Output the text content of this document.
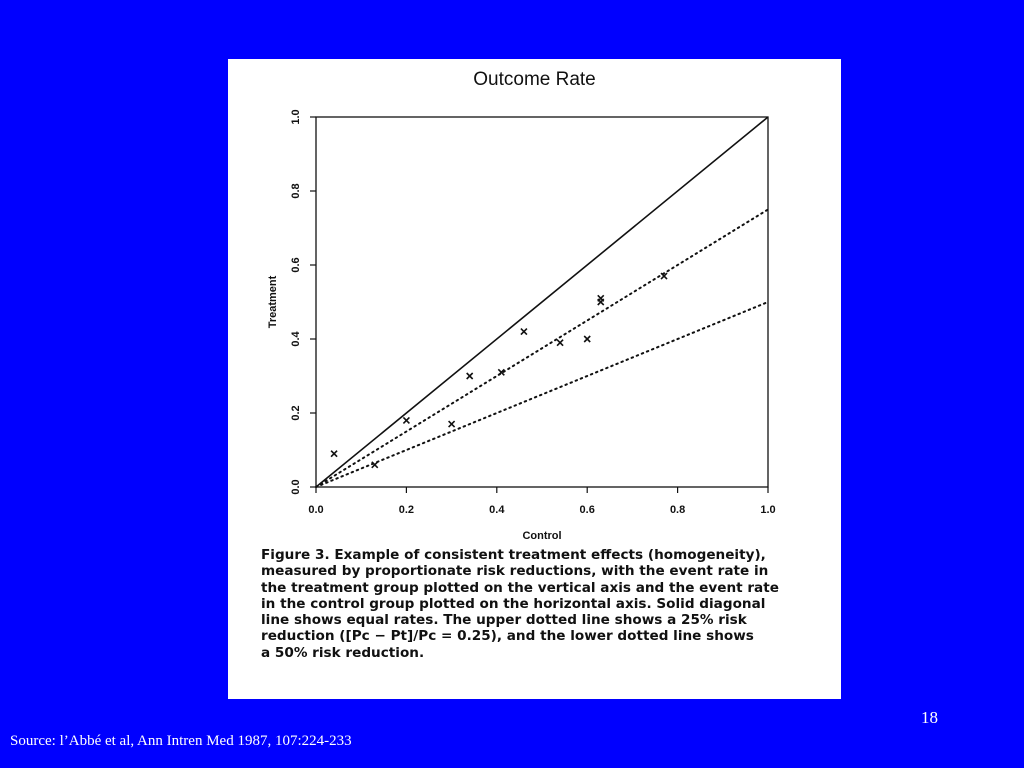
Outcome Rate
0.0	0.2	0.4	0.6	0.8	1.0
0.0
0.2
0.4
0.6
0.8
1.0
Control
Treatment
Figure 3. Example of consistent treatment effects (homogeneity),
measured by proportionate risk reductions, with the event rate in
the treatment group plotted on the vertical axis and the event rate
in the control group plotted on the horizontal axis. Solid diagonal
line shows equal rates. The upper dotted line shows a 25% risk
reduction ([Pc − Pt]/Pc = 0.25), and the lower dotted line shows
a 50% risk reduction.
18
Source: l’Abbé et al, Ann Intren Med 1987, 107:224-233
